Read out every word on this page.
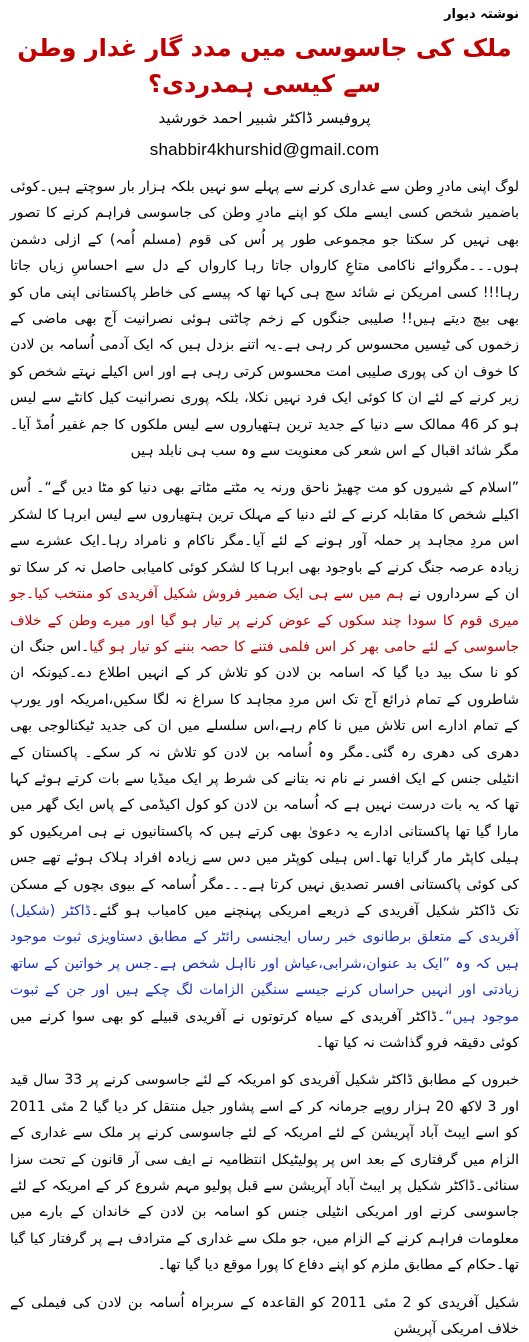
نوشتہ دیوار

ملک کی جاسوسی میں مدد گار غدار وطن سے کیسی ہمدردی؟

پروفیسر ڈاکٹر شبیر احمد خورشید

shabbir4khurshid@gmail.com

لوگ اپنی مادرِ وطن سے غداری کرنے سے پہلے سو نہیں بلکہ ہزار بار سوچتے ہیں۔کوئی باضمیر شخص کسی ایسے ملک کو اپنے مادرِ وطن کی جاسوسی فراہم کرنے کا تصور بھی نہیں کر سکتا جو مجموعی طور پر اُس کی قوم (مسلم اُمہ) کے ازلی دشمن ہوں۔۔۔مگروائے ناکامی متاعِ کارواں جاتا رہا کارواں کے دل سے احساسِ زیاں جاتا رہا!!! کسی امریکن نے شائد سچ ہی کہا تھا کہ پیسے کی خاطر پاکستانی اپنی ماں کو بھی بیچ دیتے ہیں!! صلیبی جنگوں کے زخم چاٹتی ہوئی نصرانیت آج بھی ماضی کے زخموں کی ٹیسیں محسوس کر رہی ہے۔یہ اتنے بزدل ہیں کہ ایک آدمی اُسامہ بن لادن کا خوف ان کی پوری صلیبی امت محسوس کرتی رہی ہے اور اس اکیلے نہتے شخص کو زیر کرنے کے لئے ان کا کوئی ایک فرد نہیں نکلا، بلکہ پوری نصرانیت کیل کانٹے سے لیس ہو کر 46 ممالک سے دنیا کے جدید ترین ہتھیاروں سے لیس ملکوں کا جم غفیر اُمڈ آیا۔مگر شائد اقبال کے اس شعر کی معنویت سے وہ سب ہی نابلد ہیں

”اسلام کے شیروں کو مت چھیڑ ناحق ورنہ یہ مٹتے مٹاتے بھی دنیا کو مٹا دیں گے“۔ اُس اکیلے شخص کا مقابلہ کرنے کے لئے دنیا کے مہلک ترین ہتھیاروں سے لیس ابرہا کا لشکر اس مردِ مجاہد پر حملہ آور ہونے کے لئے آیا۔مگر ناکام و نامراد رہا۔ایک عشرے سے زیادہ عرصہ جنگ کرنے کے باوجود بھی ابرہا کا لشکر کوئی کامیابی حاصل نہ کر سکا تو ان کے سرداروں نے ہم میں سے ہی ایک ضمیر فروش شکیل آفریدی کو منتخب کیا۔جو میری قوم کا سودا چند سکوں کے عوض کرنے پر تیار ہو گیا اور میرے وطن کے خلاف جاسوسی کے لئے حامی بھر کر اس فلمی فتنے کا حصہ بننے کو تیار ہو گیا۔اس جنگ ان کو نا سک بید دیا گیا کہ اسامہ بن لادن کو تلاش کر کے انہیں اطلاع دے۔کیونکہ ان شاطروں کے تمام ذرائع آج تک اس مردِ مجاہد کا سراغ نہ لگا سکیں،امریکہ اور یورپ کے تمام ادارے اس تلاش میں نا کام رہے،اس سلسلے میں ان کی جدید ٹیکنالوجی بھی دھری کی دھری رہ گئی۔مگر وہ اُسامہ بن لادن کو تلاش نہ کر سکے۔ پاکستان کے انٹیلی جنس کے ایک افسر نے نام نہ بتانے کی شرط پر ایک میڈیا سے بات کرتے ہوئے کہا تھا کہ یہ بات درست نہیں ہے کہ اُسامہ بن لادن کو کول اکیڈمی کے پاس ایک گھر میں مارا گیا تھا پاکستانی ادارے یہ دعویٰ بھی کرتے ہیں کہ پاکستانیوں نے ہی امریکیوں کو ہیلی کاپٹر مار گرایا تھا۔اس ہیلی کوپٹر میں دس سے زیادہ افراد ہلاک ہوئے تھے جس کی کوئی پاکستانی افسر تصدیق نہیں کرتا ہے۔۔۔مگر اُسامہ کے بیوی بچوں کے مسکن تک ڈاکٹر شکیل آفریدی کے ذریعے امریکی پہنچنے میں کامیاب ہو گئے۔ڈاکٹر (شکیل) آفریدی کے متعلق برطانوی خبر رساں ایجنسی رائٹر کے مطابق دستاویزی ثبوت موجود ہیں کہ وہ ”ایک بد عنوان،شرابی،عیاش اور نااہل شخص ہے۔جس پر خواتین کے ساتھ زیادتی اور انہیں حراساں کرنے جیسے سنگین الزامات لگ چکے ہیں اور جن کے ثبوت موجود ہیں“۔ڈاکٹر آفریدی کے سیاہ کرتوتوں نے آفریدی قبیلے کو بھی سوا کرنے میں کوئی دقیقہ فرو گذاشت نہ کیا تھا۔

خبروں کے مطابق ڈاکٹر شکیل آفریدی کو امریکہ کے لئے جاسوسی کرنے پر 33 سال قید اور 3 لاکھ 20 ہزار روپے جرمانہ کر کے اسے پشاور جیل منتقل کر دیا گیا 2 مئی 2011 کو اسے ایبٹ آباد آپریشن کے لئے امریکہ کے لئے جاسوسی کرنے پر ملک سے غداری کے الزام میں گرفتاری کے بعد اس پر پولیٹیکل انتظامیہ نے ایف سی آر قانون کے تحت سزا سنائی۔ڈاکٹر شکیل پر ایبٹ آباد آپریشن سے قبل پولیو مہم شروع کر کے امریکہ کے لئے جاسوسی کرنے اور امریکی انٹیلی جنس کو اسامہ بن لادن کے خاندان کے بارے میں معلومات فراہم کرنے کے الزام میں، جو ملک سے غداری کے مترادف ہے پر گرفتار کیا گیا تھا۔حکام کے مطابق ملزم کو اپنے دفاع کا پورا موقع دیا گیا تھا۔

شکیل آفریدی کو 2 مئی 2011 کو القاعدہ کے سربراہ اُسامہ بن لادن کی فیملی کے خلاف امریکی آپریشن
